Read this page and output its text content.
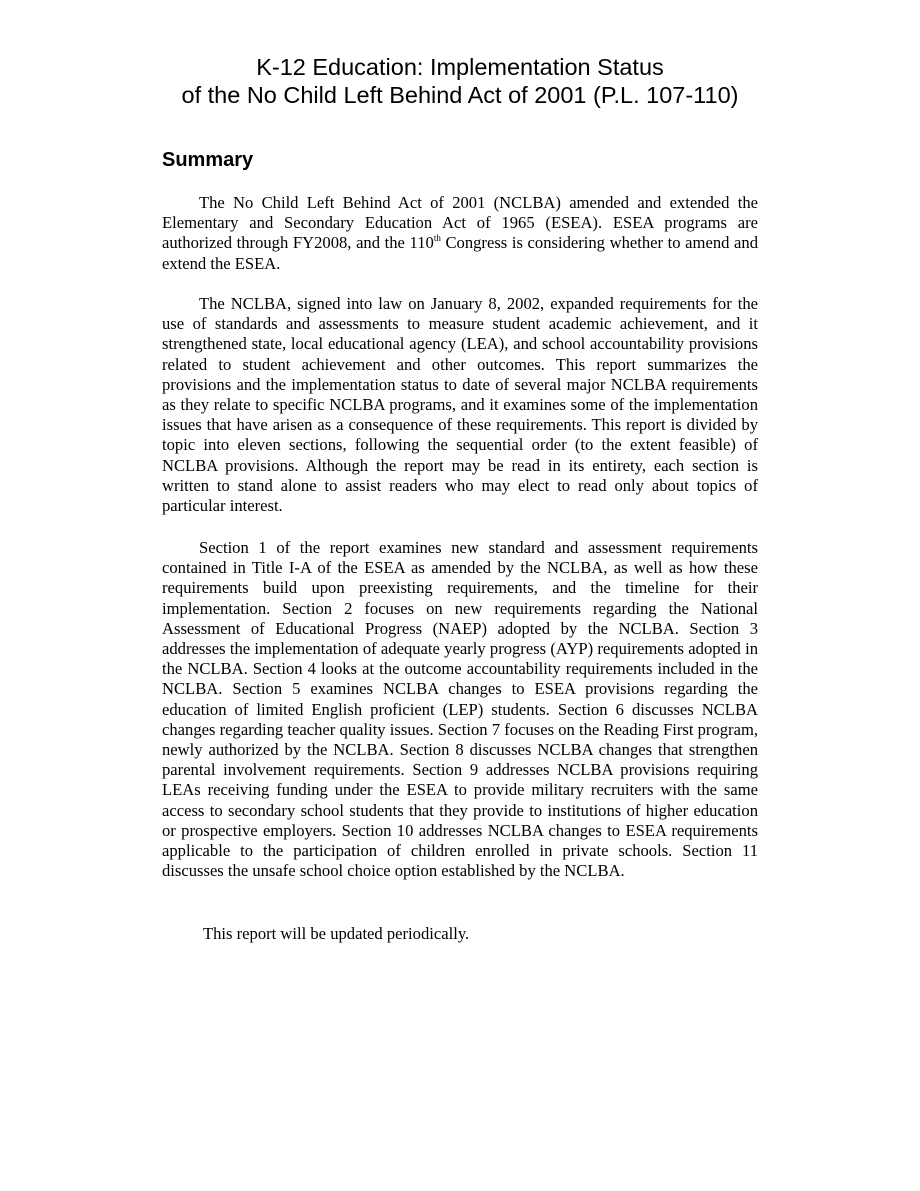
K-12 Education: Implementation Status
of the No Child Left Behind Act of 2001 (P.L. 107-110)
Summary

The No Child Left Behind Act of 2001 (NCLBA) amended and extended the Elementary and Secondary Education Act of 1965 (ESEA). ESEA programs are authorized through FY2008, and the 110th Congress is considering whether to amend and extend the ESEA.

The NCLBA, signed into law on January 8, 2002, expanded requirements for the use of standards and assessments to measure student academic achievement, and it strengthened state, local educational agency (LEA), and school accountability provisions related to student achievement and other outcomes. This report summarizes the provisions and the implementation status to date of several major NCLBA requirements as they relate to specific NCLBA programs, and it examines some of the implementation issues that have arisen as a consequence of these requirements. This report is divided by topic into eleven sections, following the sequential order (to the extent feasible) of NCLBA provisions. Although the report may be read in its entirety, each section is written to stand alone to assist readers who may elect to read only about topics of particular interest.

Section 1 of the report examines new standard and assessment requirements contained in Title I-A of the ESEA as amended by the NCLBA, as well as how these requirements build upon preexisting requirements, and the timeline for their implementation. Section 2 focuses on new requirements regarding the National Assessment of Educational Progress (NAEP) adopted by the NCLBA. Section 3 addresses the implementation of adequate yearly progress (AYP) requirements adopted in the NCLBA. Section 4 looks at the outcome accountability requirements included in the NCLBA. Section 5 examines NCLBA changes to ESEA provisions regarding the education of limited English proficient (LEP) students. Section 6 discusses NCLBA changes regarding teacher quality issues. Section 7 focuses on the Reading First program, newly authorized by the NCLBA. Section 8 discusses NCLBA changes that strengthen parental involvement requirements. Section 9 addresses NCLBA provisions requiring LEAs receiving funding under the ESEA to provide military recruiters with the same access to secondary school students that they provide to institutions of higher education or prospective employers. Section 10 addresses NCLBA changes to ESEA requirements applicable to the participation of children enrolled in private schools. Section 11 discusses the unsafe school choice option established by the NCLBA.

This report will be updated periodically.
